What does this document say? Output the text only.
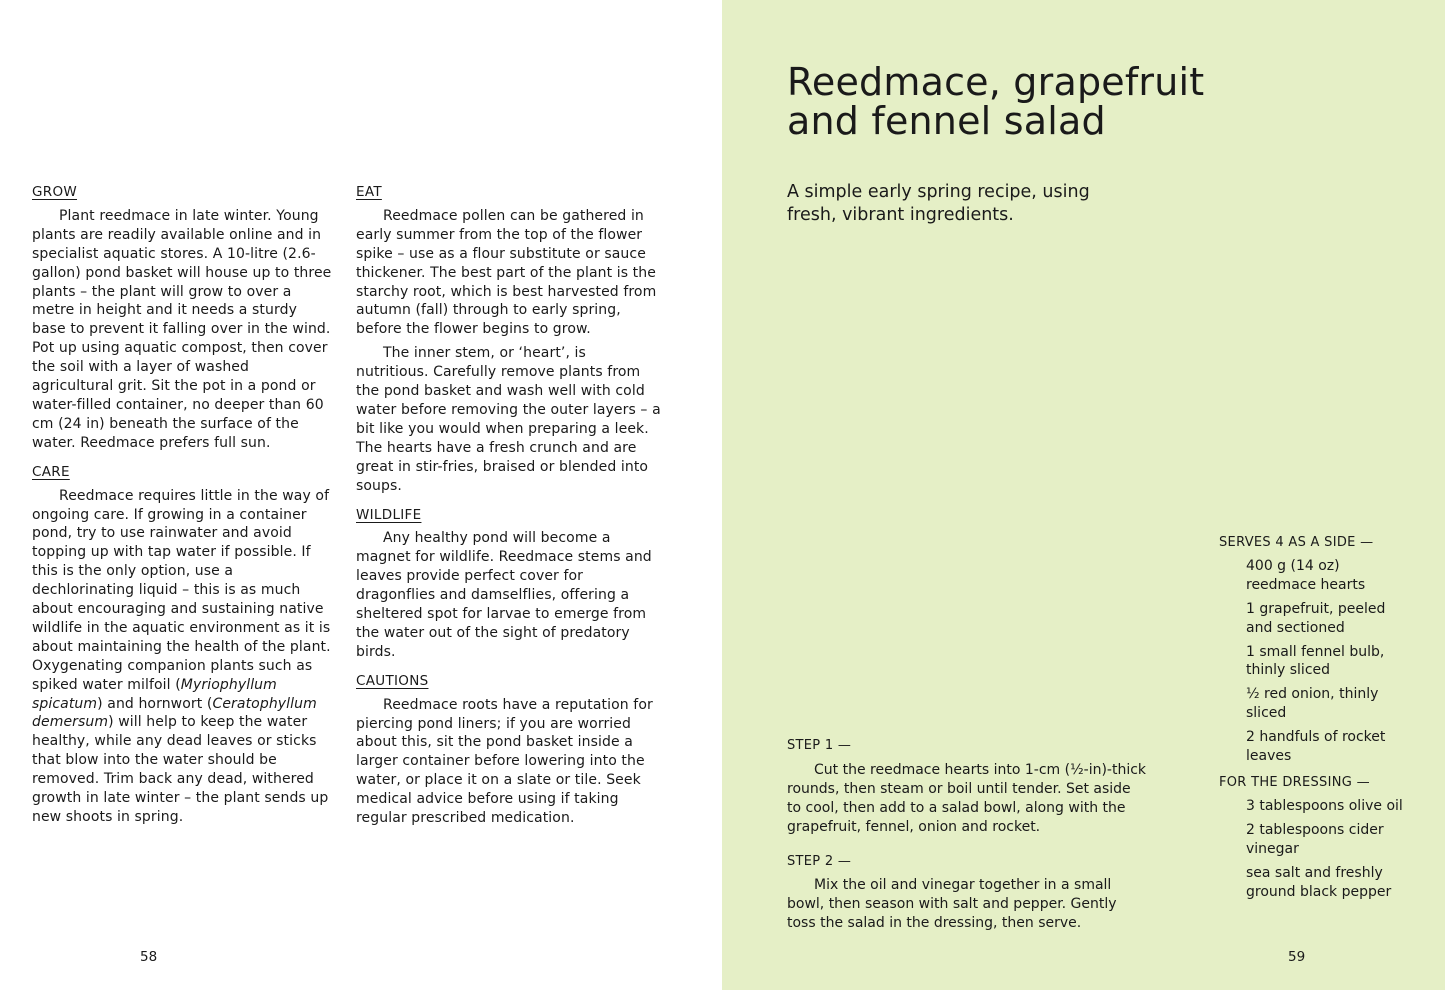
GROW

Plant reedmace in late winter. Young plants are readily available online and in specialist aquatic stores. A 10-litre (2.6-gallon) pond basket will house up to three plants – the plant will grow to over a metre in height and it needs a sturdy base to prevent it falling over in the wind. Pot up using aquatic compost, then cover the soil with a layer of washed agricultural grit. Sit the pot in a pond or water-filled container, no deeper than 60 cm (24 in) beneath the surface of the water. Reedmace prefers full sun.

CARE

Reedmace requires little in the way of ongoing care. If growing in a container pond, try to use rainwater and avoid topping up with tap water if possible. If this is the only option, use a dechlorinating liquid – this is as much about encouraging and sustaining native wildlife in the aquatic environment as it is about maintaining the health of the plant. Oxygenating companion plants such as spiked water milfoil (Myriophyllum spicatum) and hornwort (Ceratophyllum demersum) will help to keep the water healthy, while any dead leaves or sticks that blow into the water should be removed. Trim back any dead, withered growth in late winter – the plant sends up new shoots in spring.

EAT

Reedmace pollen can be gathered in early summer from the top of the flower spike – use as a flour substitute or sauce thickener. The best part of the plant is the starchy root, which is best harvested from autumn (fall) through to early spring, before the flower begins to grow.

The inner stem, or ‘heart’, is nutritious. Carefully remove plants from the pond basket and wash well with cold water before removing the outer layers – a bit like you would when preparing a leek. The hearts have a fresh crunch and are great in stir-fries, braised or blended into soups.

WILDLIFE

Any healthy pond will become a magnet for wildlife. Reedmace stems and leaves provide perfect cover for dragonflies and damselflies, offering a sheltered spot for larvae to emerge from the water out of the sight of predatory birds.

CAUTIONS

Reedmace roots have a reputation for piercing pond liners; if you are worried about this, sit the pond basket inside a larger container before lowering into the water, or place it on a slate or tile. Seek medical advice before using if taking regular prescribed medication.

58
Reedmace, grapefruit and fennel salad

A simple early spring recipe, using fresh, vibrant ingredients.

STEP 1 —

Cut the reedmace hearts into 1-cm (½-in)-thick rounds, then steam or boil until tender. Set aside to cool, then add to a salad bowl, along with the grapefruit, fennel, onion and rocket.

STEP 2 —

Mix the oil and vinegar together in a small bowl, then season with salt and pepper. Gently toss the salad in the dressing, then serve.

SERVES 4 AS A SIDE —
400 g (14 oz) reedmace hearts
1 grapefruit, peeled and sectioned
1 small fennel bulb, thinly sliced
½ red onion, thinly sliced
2 handfuls of rocket leaves
FOR THE DRESSING —
3 tablespoons olive oil
2 tablespoons cider vinegar
sea salt and freshly ground black pepper
59
